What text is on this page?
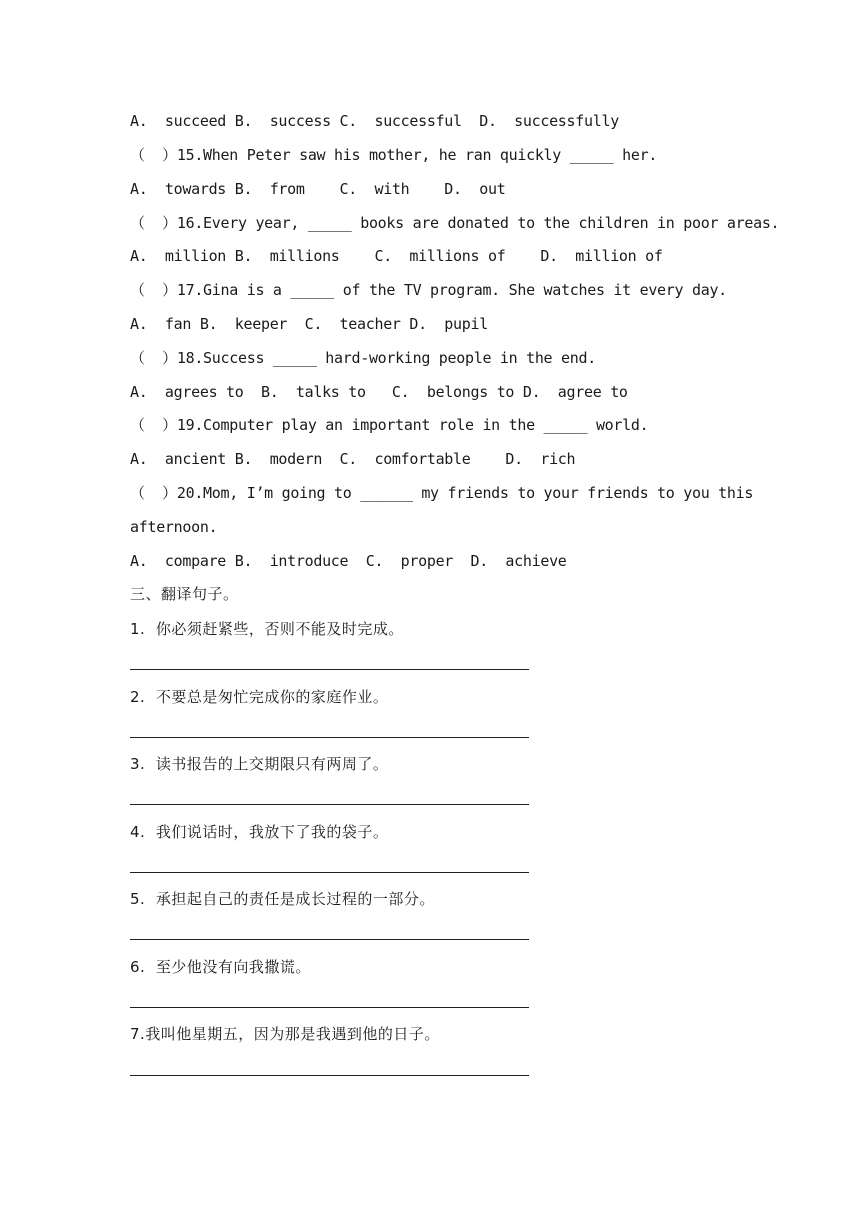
A.  succeed B.  success C.  successful  D.  successfully
（  ）15.When Peter saw his mother, he ran quickly _____ her.
A.  towards B.  from    C.  with    D.  out
（  ）16.Every year, _____ books are donated to the children in poor areas.
A.  million B.  millions    C.  millions of    D.  million of
（  ）17.Gina is a _____ of the TV program. She watches it every day.
A.  fan B.  keeper  C.  teacher D.  pupil
（  ）18.Success _____ hard-working people in the end.
A.  agrees to  B.  talks to   C.  belongs to D.  agree to
（  ）19.Computer play an important role in the _____ world.
A.  ancient B.  modern  C.  comfortable    D.  rich
（  ）20.Mom, I’m going to ______ my friends to your friends to you this
afternoon.
A.  compare B.  introduce  C.  proper  D.  achieve
三、翻译句子。
1.  你必须赶紧些，否则不能及时完成。
2.  不要总是匆忙完成你的家庭作业。
3.  读书报告的上交期限只有两周了。
4.  我们说话时，我放下了我的袋子。
5.  承担起自己的责任是成长过程的一部分。
6.  至少他没有向我撒谎。
7.我叫他星期五，因为那是我遇到他的日子。
